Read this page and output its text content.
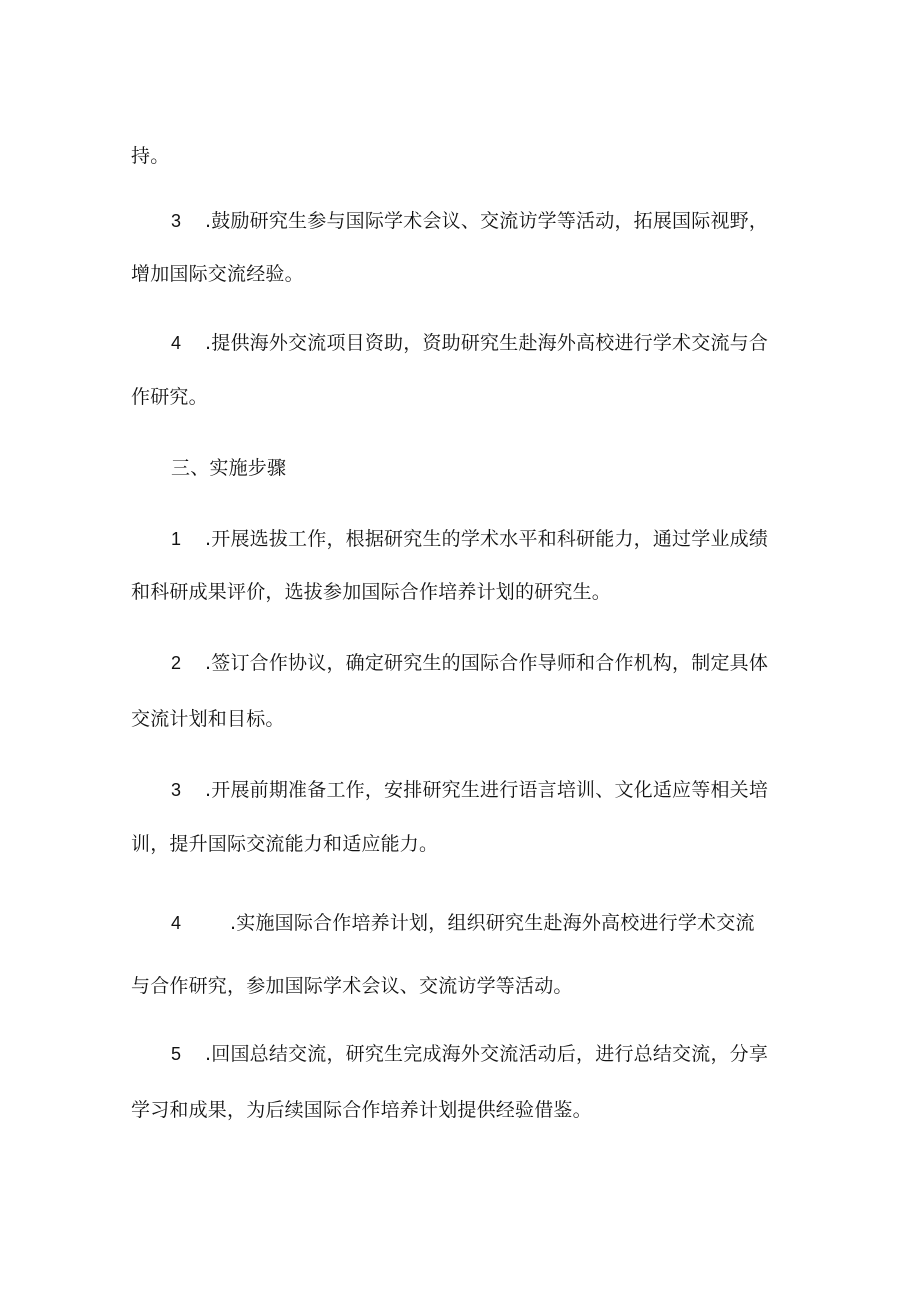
持。
3 .鼓励研究生参与国际学术会议、交流访学等活动，拓展国际视野，
增加国际交流经验。
4 .提供海外交流项目资助，资助研究生赴海外高校进行学术交流与合
作研究。
三、实施步骤
1 .开展选拔工作，根据研究生的学术水平和科研能力，通过学业成绩
和科研成果评价，选拔参加国际合作培养计划的研究生。
2 .签订合作协议，确定研究生的国际合作导师和合作机构，制定具体
交流计划和目标。
3 .开展前期准备工作，安排研究生进行语言培训、文化适应等相关培
训，提升国际交流能力和适应能力。
4	.实施国际合作培养计划，组织研究生赴海外高校进行学术交流
与合作研究，参加国际学术会议、交流访学等活动。
5 .回国总结交流，研究生完成海外交流活动后，进行总结交流，分享
学习和成果，为后续国际合作培养计划提供经验借鉴。
